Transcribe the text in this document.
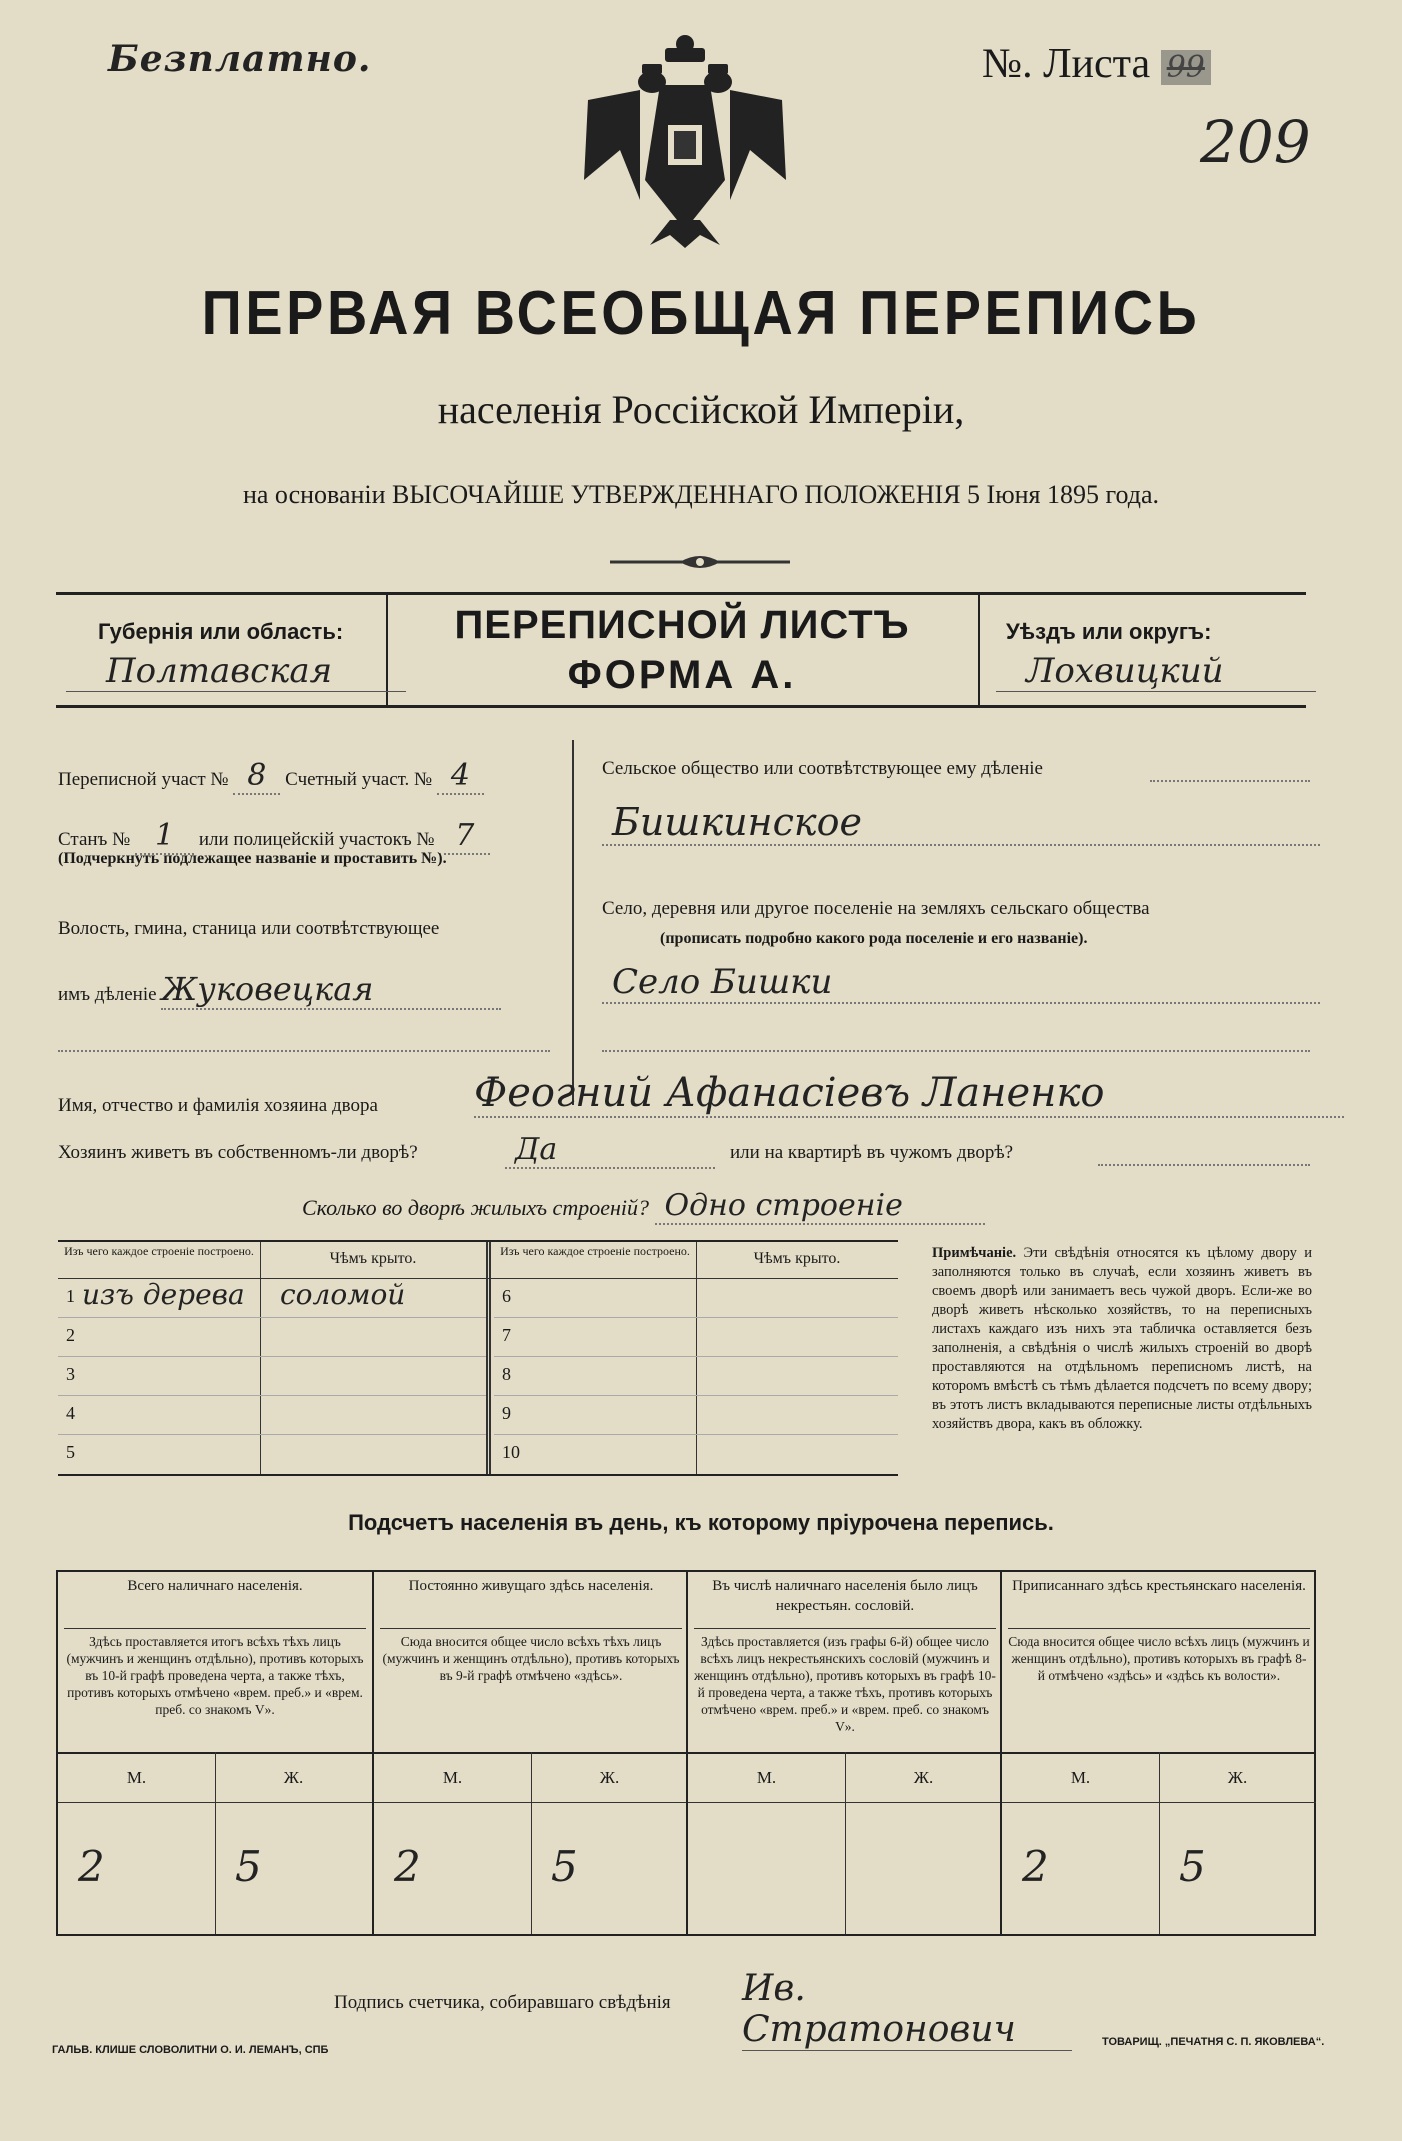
Безплатно.	№. Листа 99
209
ПЕРВАЯ ВСЕОБЩАЯ ПЕРЕПИСЬ
населенія Россійской Имперіи,
на основаніи ВЫСОЧАЙШЕ УТВЕРЖДЕННАГО ПОЛОЖЕНІЯ 5 Іюня 1895 года.
Губернія или область:
Полтавская
ПЕРЕПИСНОЙ ЛИСТЪ
ФОРМА А.
Уѣздъ или округъ:
Лохвицкий
Переписной участ № 8 Счетный участ. № 4
Станъ № 1 или полицейскій участокъ № 7
(Подчеркнуть подлежащее названіе и проставить №).
Волость, гмина, станица или соотвѣтствующее
имъ дѣленіе Жуковецкая
Сельское общество или соотвѣтствующее ему дѣленіе
Бишкинское
Село, деревня или другое поселеніе на земляхъ сельскаго общества
(прописать подробно какого рода поселеніе и его названіе).
Село Бишки
Имя, отчество и фамилія хозяина двора Феогний Афанасіевъ Ланенко
Хозяинъ живетъ въ собственномъ-ли дворѣ?	Да	или на квартирѣ въ чужомъ дворѣ?
Сколько во дворѣ жилыхъ строеній? Одно строеніе
Изъ чего каждое строеніе построено.	Чѣмъ крыто.	Изъ чего каждое строеніе построено.	Чѣмъ крыто.
1 изъ дерева соломой
2
3
4
5
6
7
8
9
10
Примѣчаніе. Эти свѣдѣнія относятся къ цѣлому двору и заполняются только въ случаѣ, если хозяинъ живетъ въ своемъ дворѣ или занимаетъ весь чужой дворъ. Если-же во дворѣ живетъ нѣсколько хозяйствъ, то на переписныхъ листахъ каждаго изъ нихъ эта табличка оставляется безъ заполненія, а свѣдѣнія о числѣ жилыхъ строеній во дворѣ проставляются на отдѣльномъ переписномъ листѣ, на которомъ вмѣстѣ съ тѣмъ дѣлается подсчетъ по всему двору; въ этотъ листъ вкладываются переписные листы отдѣльныхъ хозяйствъ двора, какъ въ обложку.
Подсчетъ населенія въ день, къ которому пріурочена перепись.
Всего наличнаго населенія.
Здѣсь проставляется итогъ всѣхъ тѣхъ лицъ (мужчинъ и женщинъ отдѣльно), противъ которыхъ въ 10-й графѣ проведена черта, а также тѣхъ, противъ которыхъ отмѣчено «врем. преб.» и «врем. преб. со знакомъ V».
М.	Ж.
2	5
Постоянно живущаго здѣсь населенія.
Сюда вносится общее число всѣхъ тѣхъ лицъ (мужчинъ и женщинъ отдѣльно), противъ которыхъ въ 9-й графѣ отмѣчено «здѣсь».
М.	Ж.
2	5
Въ числѣ наличнаго населенія было лицъ некрестьян. сословій.
Здѣсь проставляется (изъ графы 6-й) общее число всѣхъ лицъ некрестьянскихъ сословій (мужчинъ и женщинъ отдѣльно), противъ которыхъ въ графѣ 10-й проведена черта, а также тѣхъ, противъ которыхъ отмѣчено «врем. преб.» и «врем. преб. со знакомъ V».
М.	Ж.
Приписаннаго здѣсь крестьянскаго населенія.
Сюда вносится общее число всѣхъ лицъ (мужчинъ и женщинъ отдѣльно), противъ которыхъ въ графѣ 8-й отмѣчено «здѣсь» и «здѣсь къ волости».
М.	Ж.
2	5
Подпись счетчика, собиравшаго свѣдѣнія Ив. Стратонович
ГАЛЬВ. КЛИШЕ СЛОВОЛИТНИ О. И. ЛЕМАНЪ, СПБ
ТОВАРИЩ. „ПЕЧАТНЯ С. П. ЯКОВЛЕВА“.
